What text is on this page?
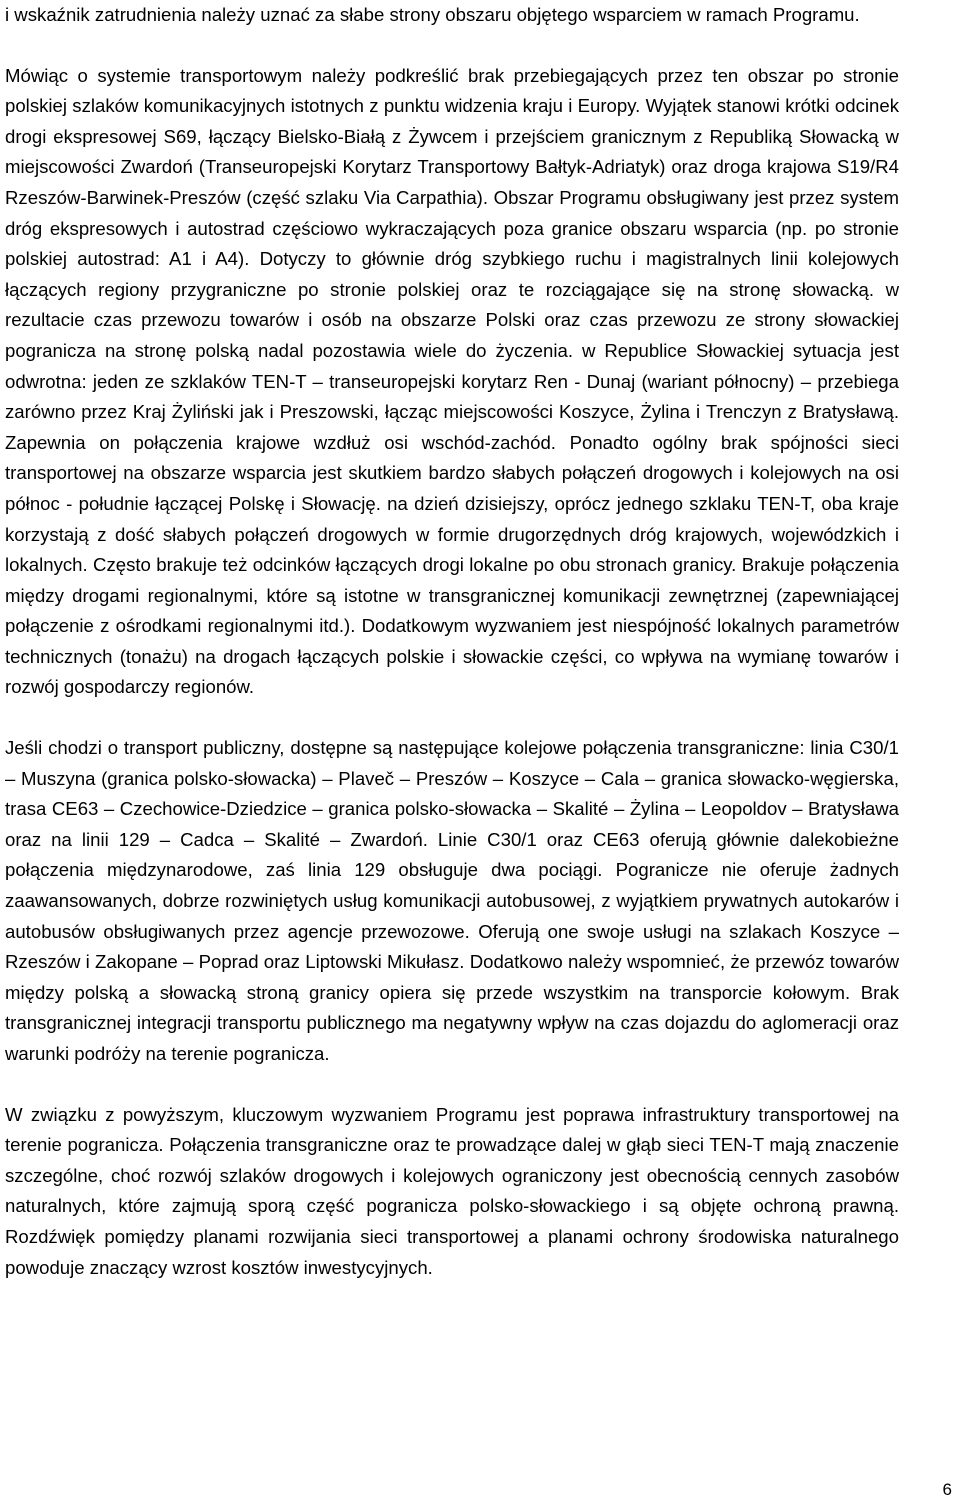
i wskaźnik zatrudnienia należy uznać za słabe strony obszaru objętego wsparciem w ramach Programu.

Mówiąc o systemie transportowym należy podkreślić brak przebiegających przez ten obszar po stronie polskiej szlaków komunikacyjnych istotnych z punktu widzenia kraju i Europy. Wyjątek stanowi krótki odcinek drogi ekspresowej S69, łączący Bielsko-Białą z Żywcem i przejściem granicznym z Republiką Słowacką w miejscowości Zwardoń (Transeuropejski Korytarz Transportowy Bałtyk-Adriatyk) oraz droga krajowa S19/R4 Rzeszów-Barwinek-Preszów (część szlaku Via Carpathia). Obszar Programu obsługiwany jest przez system dróg ekspresowych i autostrad częściowo wykraczających poza granice obszaru wsparcia (np. po stronie polskiej autostrad: A1 i A4). Dotyczy to głównie dróg szybkiego ruchu i magistralnych linii kolejowych łączących regiony przygraniczne po stronie polskiej oraz te rozciągające się na stronę słowacką. w rezultacie czas przewozu towarów i osób na obszarze Polski oraz czas przewozu ze strony słowackiej pogranicza na stronę polską nadal pozostawia wiele do życzenia. w Republice Słowackiej sytuacja jest odwrotna: jeden ze szklaków TEN-T – transeuropejski korytarz Ren - Dunaj (wariant północny) – przebiega zarówno przez Kraj Żyliński jak i Preszowski, łącząc miejscowości Koszyce, Żylina i Trenczyn z Bratysławą. Zapewnia on połączenia krajowe wzdłuż osi wschód-zachód. Ponadto ogólny brak spójności sieci transportowej na obszarze wsparcia jest skutkiem bardzo słabych połączeń drogowych i kolejowych na osi północ - południe łączącej Polskę i Słowację. na dzień dzisiejszy, oprócz jednego szklaku TEN-T, oba kraje korzystają z dość słabych połączeń drogowych w formie drugorzędnych dróg krajowych, wojewódzkich i lokalnych. Często brakuje też odcinków łączących drogi lokalne po obu stronach granicy. Brakuje połączenia między drogami regionalnymi, które są istotne w transgranicznej komunikacji zewnętrznej (zapewniającej połączenie z ośrodkami regionalnymi itd.). Dodatkowym wyzwaniem jest niespójność lokalnych parametrów technicznych (tonażu) na drogach łączących polskie i słowackie części, co wpływa na wymianę towarów i rozwój gospodarczy regionów.

Jeśli chodzi o transport publiczny, dostępne są następujące kolejowe połączenia transgraniczne: linia C30/1 – Muszyna (granica polsko-słowacka) – Plaveč – Preszów – Koszyce – Cala – granica słowacko-węgierska, trasa CE63 – Czechowice-Dziedzice – granica polsko-słowacka – Skalité – Żylina – Leopoldov – Bratysława oraz na linii 129 – Cadca – Skalité – Zwardoń. Linie C30/1 oraz CE63 oferują głównie dalekobieżne połączenia międzynarodowe, zaś linia 129 obsługuje dwa pociągi. Pogranicze nie oferuje żadnych zaawansowanych, dobrze rozwiniętych usług komunikacji autobusowej, z wyjątkiem prywatnych autokarów i autobusów obsługiwanych przez agencje przewozowe. Oferują one swoje usługi na szlakach Koszyce – Rzeszów i Zakopane – Poprad oraz Liptowski Mikułasz. Dodatkowo należy wspomnieć, że przewóz towarów między polską a słowacką stroną granicy opiera się przede wszystkim na transporcie kołowym. Brak transgranicznej integracji transportu publicznego ma negatywny wpływ na czas dojazdu do aglomeracji oraz warunki podróży na terenie pogranicza.

W związku z powyższym, kluczowym wyzwaniem Programu jest poprawa infrastruktury transportowej na terenie pogranicza. Połączenia transgraniczne oraz te prowadzące dalej w głąb sieci TEN-T mają znaczenie szczególne, choć rozwój szlaków drogowych i kolejowych ograniczony jest obecnością cennych zasobów naturalnych, które zajmują sporą część pogranicza polsko-słowackiego i są objęte ochroną prawną. Rozdźwięk pomiędzy planami rozwijania sieci transportowej a planami ochrony środowiska naturalnego powoduje znaczący wzrost kosztów inwestycyjnych.

6
